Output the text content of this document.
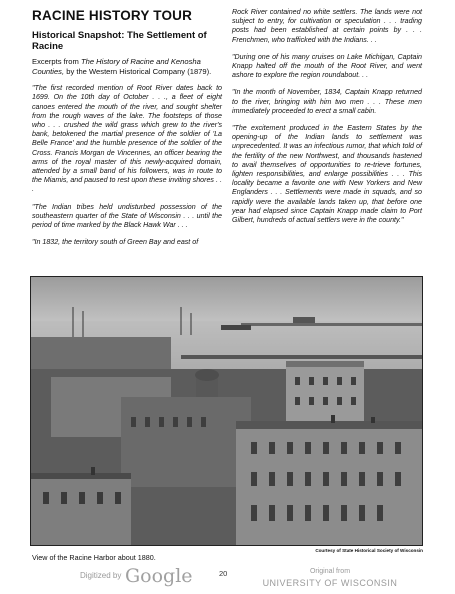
RACINE HISTORY TOUR
Historical Snapshot: The Settlement of Racine
Excerpts from The History of Racine and Kenosha Counties, by the Western Historical Company (1879).

"The first recorded mention of Root River dates back to 1699. On the 10th day of October . . ., a fleet of eight canoes entered the mouth of the river, and sought shelter from the rough waves of the lake. The footsteps of those who . . . crushed the wild grass which grew to the river's bank, betokened the martial presence of the soldier of 'La Belle France' and the humble presence of the soldier of the Cross. Francis Morgan de Vincennes, an officer bearing the arms of the royal master of this newly-acquired domain, attended by a small band of his followers, was in route to the Miamis, and paused to rest upon these inviting shores . . .

"The Indian tribes held undisturbed possession of the southeastern quarter of the State of Wisconsin . . . until the period of time marked by the Black Hawk War . . .

"In 1832, the territory south of Green Bay and east of

Rock River contained no white settlers. The lands were not subject to entry, for cultivation or speculation . . . trading posts had been established at certain points by . . . Frenchmen, who trafficked with the Indians. . .

"During one of his many cruises on Lake Michigan, Captain Knapp halted off the mouth of the Root River, and went ashore to explore the region roundabout. . .

"In the month of November, 1834, Captain Knapp returned to the river, bringing with him two men . . . These men immediately proceeded to erect a small cabin.

"The excitement produced in the Eastern States by the opening-up of the Indian lands to settlement was unprecedented. It was an infectious rumor, that which told of the fertility of the new Northwest, and thousands hastened to avail themselves of opportunities to re-trieve fortunes, lighten responsibilities, and enlarge possibilities . . . This locality became a favorite one with New Yorkers and New Englanders . . . Settlements were made in squads, and so rapidly were the available lands taken up, that before one year had elapsed since Captain Knapp made claim to Port Gilbert, hundreds of actual settlers were in the county."

Courtesy of State Historical Society of Wisconsin
View of the Racine Harbor about 1880.
Digitized by Google	20	Original from
UNIVERSITY OF WISCONSIN
